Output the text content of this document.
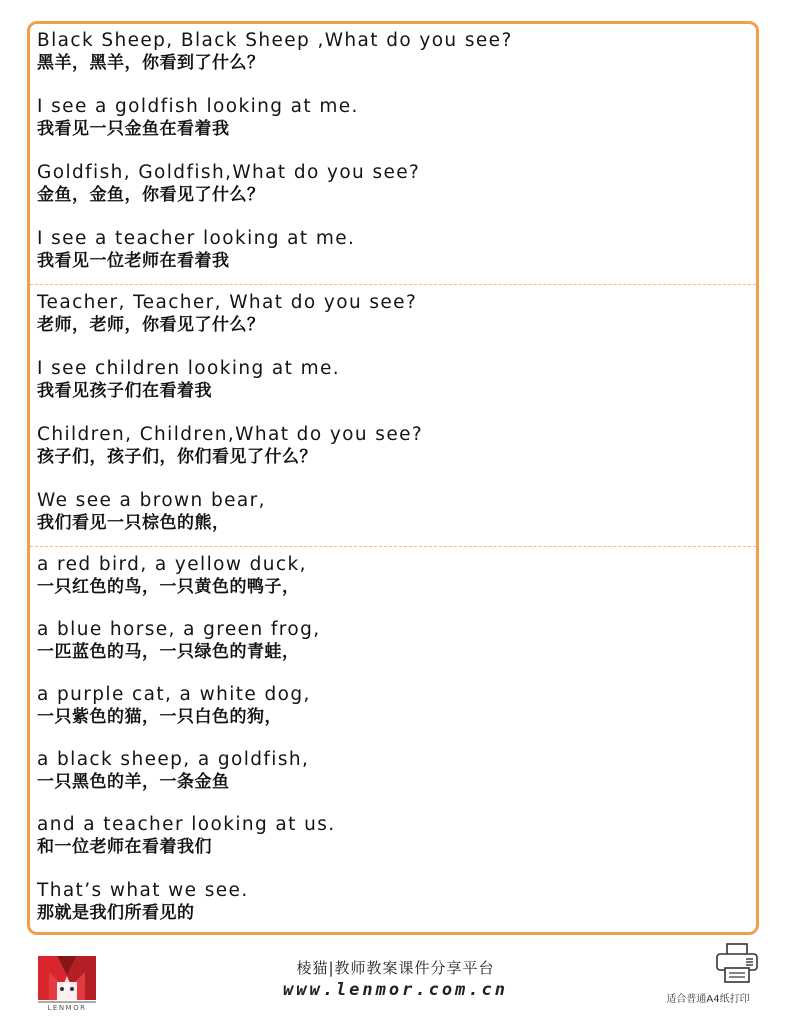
Black Sheep, Black Sheep ,What do you see?
黑羊，黑羊，你看到了什么？
I see a goldfish looking at me.
我看见一只金鱼在看着我
Goldfish, Goldfish,What do you see?
金鱼，金鱼，你看见了什么？
I see a teacher looking at me.
我看见一位老师在看着我
Teacher, Teacher, What do you see?
老师，老师，你看见了什么？
I see children looking at me.
我看见孩子们在看着我
Children, Children,What do you see?
孩子们，孩子们，你们看见了什么？
We see a brown bear,
我们看见一只棕色的熊，
a red bird, a yellow duck,
一只红色的鸟，一只黄色的鸭子，
a blue horse, a green frog,
一匹蓝色的马，一只绿色的青蛙，
a purple cat, a white dog,
一只紫色的猫，一只白色的狗，
a black sheep, a goldfish,
一只黑色的羊，一条金鱼
and a teacher looking at us.
和一位老师在看着我们
That’s what we see.
那就是我们所看见的
LENMOR
棱猫|教师教案课件分享平台
www.lenmor.com.cn	适合普通A4纸打印
